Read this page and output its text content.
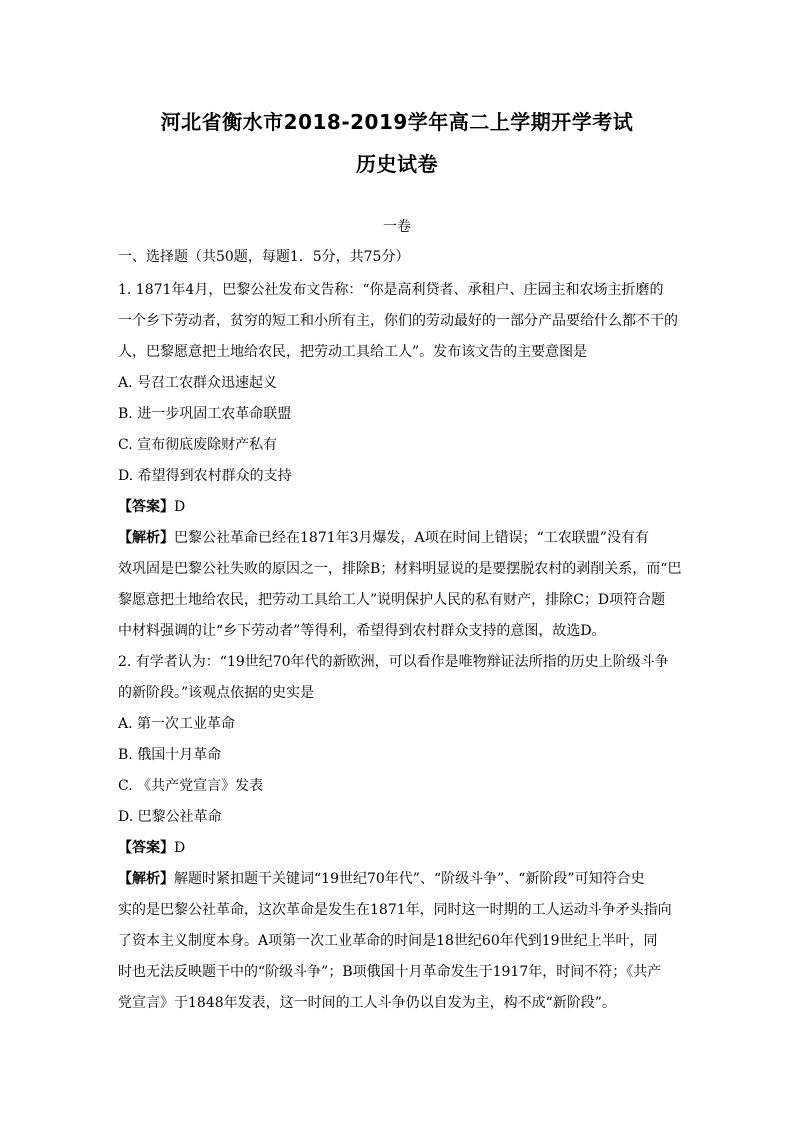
河北省衡水市2018-2019学年高二上学期开学考试
历史试卷
一卷
一、选择题（共50题，每题1．5分，共75分）
1. 1871年4月，巴黎公社发布文告称：“你是高利贷者、承租户、庄园主和农场主折磨的
一个乡下劳动者，贫穷的短工和小所有主，你们的劳动最好的一部分产品要给什么都不干的
人，巴黎愿意把土地给农民，把劳动工具给工人”。发布该文告的主要意图是
A. 号召工农群众迅速起义
B. 进一步巩固工农革命联盟
C. 宣布彻底废除财产私有
D. 希望得到农村群众的支持
【答案】D
【解析】巴黎公社革命已经在1871年3月爆发，A项在时间上错误；“工农联盟”没有有
效巩固是巴黎公社失败的原因之一，排除B；材料明显说的是要摆脱农村的剥削关系，而“巴
黎愿意把土地给农民，把劳动工具给工人”说明保护人民的私有财产，排除C；D项符合题
中材料强调的让“乡下劳动者”等得利，希望得到农村群众支持的意图，故选D。
2. 有学者认为：“19世纪70年代的新欧洲，可以看作是唯物辩证法所指的历史上阶级斗争
的新阶段。”该观点依据的史实是
A. 第一次工业革命
B. 俄国十月革命
C. 《共产党宣言》发表
D. 巴黎公社革命
【答案】D
【解析】解题时紧扣题干关键词“19世纪70年代”、“阶级斗争”、“新阶段”可知符合史
实的是巴黎公社革命，这次革命是发生在1871年，同时这一时期的工人运动斗争矛头指向
了资本主义制度本身。A项第一次工业革命的时间是18世纪60年代到19世纪上半叶，同
时也无法反映题干中的“阶级斗争”；B项俄国十月革命发生于1917年，时间不符；《共产
党宣言》于1848年发表，这一时间的工人斗争仍以自发为主，构不成“新阶段”。
